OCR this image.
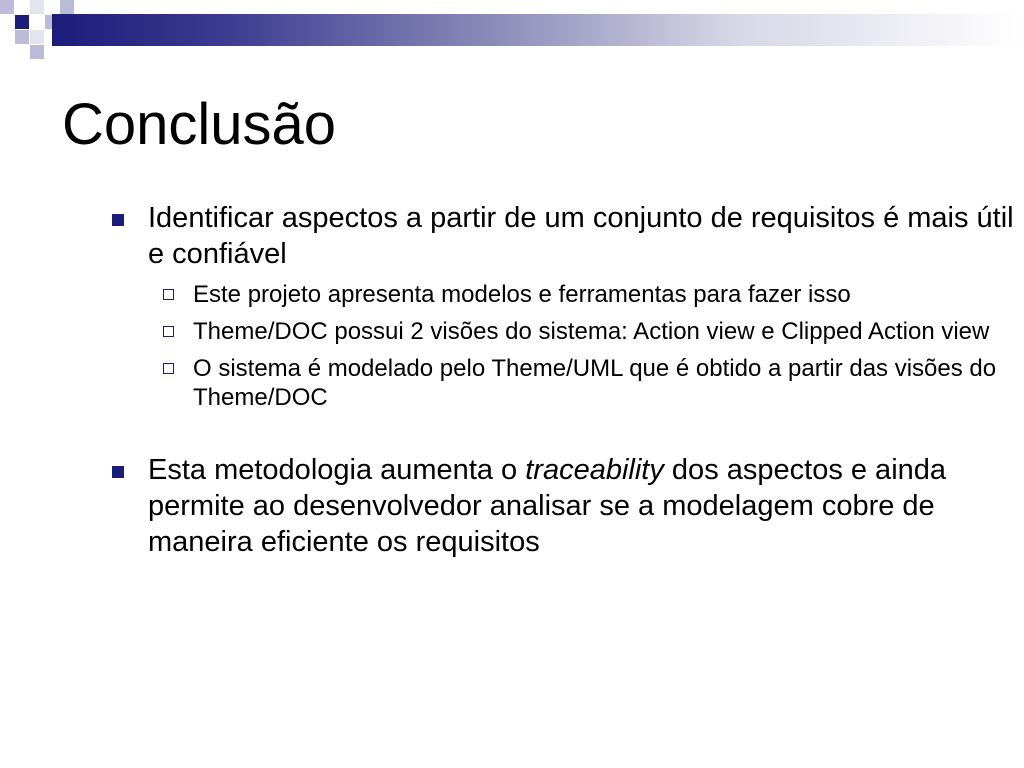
Conclusão
Identificar aspectos a partir de um conjunto de requisitos é mais útil e confiável
Este projeto apresenta modelos e ferramentas para fazer isso
Theme/DOC possui 2 visões do sistema: Action view e Clipped Action view
O sistema é modelado pelo Theme/UML que é obtido a partir das visões do Theme/DOC
Esta metodologia aumenta o traceability dos aspectos e ainda permite ao desenvolvedor analisar se a modelagem cobre de maneira eficiente os requisitos
